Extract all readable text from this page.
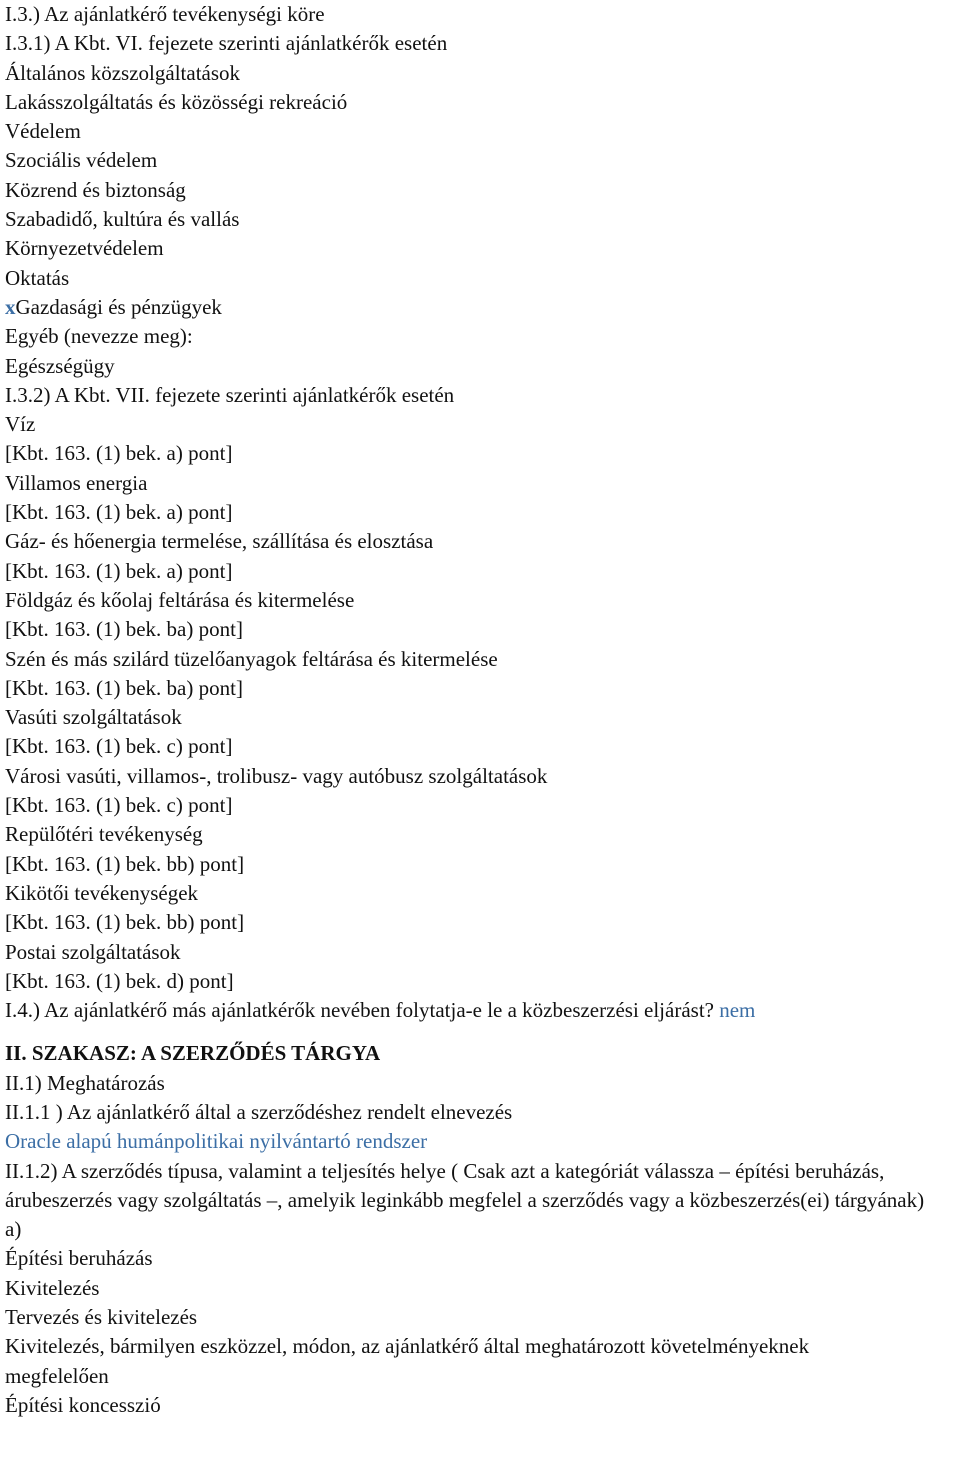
I.3.) Az ajánlatkérő tevékenységi köre

I.3.1) A Kbt. VI. fejezete szerinti ajánlatkérők esetén

Általános közszolgáltatások

Lakásszolgáltatás és közösségi rekreáció

Védelem

Szociális védelem

Közrend és biztonság

Szabadidő, kultúra és vallás

Környezetvédelem

Oktatás

xGazdasági és pénzügyek

Egyéb (nevezze meg):

Egészségügy

I.3.2) A Kbt. VII. fejezete szerinti ajánlatkérők esetén

Víz

[Kbt. 163. (1) bek. a) pont]

Villamos energia

[Kbt. 163. (1) bek. a) pont]

Gáz- és hőenergia termelése, szállítása és elosztása

[Kbt. 163. (1) bek. a) pont]

Földgáz és kőolaj feltárása és kitermelése

[Kbt. 163. (1) bek. ba) pont]

Szén és más szilárd tüzelőanyagok feltárása és kitermelése

[Kbt. 163. (1) bek. ba) pont]

Vasúti szolgáltatások

[Kbt. 163. (1) bek. c) pont]

Városi vasúti, villamos-, trolibusz- vagy autóbusz szolgáltatások

[Kbt. 163. (1) bek. c) pont]

Repülőtéri tevékenység

[Kbt. 163. (1) bek. bb) pont]

Kikötői tevékenységek

[Kbt. 163. (1) bek. bb) pont]

Postai szolgáltatások

[Kbt. 163. (1) bek. d) pont]

I.4.) Az ajánlatkérő más ajánlatkérők nevében folytatja-e le a közbeszerzési eljárást? nem

II. SZAKASZ: A SZERZŐDÉS TÁRGYA

II.1) Meghatározás

II.1.1 ) Az ajánlatkérő által a szerződéshez rendelt elnevezés

Oracle alapú humánpolitikai nyilvántartó rendszer

II.1.2) A szerződés típusa, valamint a teljesítés helye ( Csak azt a kategóriát válassza – építési beruházás, árubeszerzés vagy szolgáltatás –, amelyik leginkább megfelel a szerződés vagy a közbeszerzés(ei) tárgyának)

a)

Építési beruházás

Kivitelezés

Tervezés és kivitelezés

Kivitelezés, bármilyen eszközzel, módon, az ajánlatkérő által meghatározott követelményeknek megfelelően

Építési koncesszió
